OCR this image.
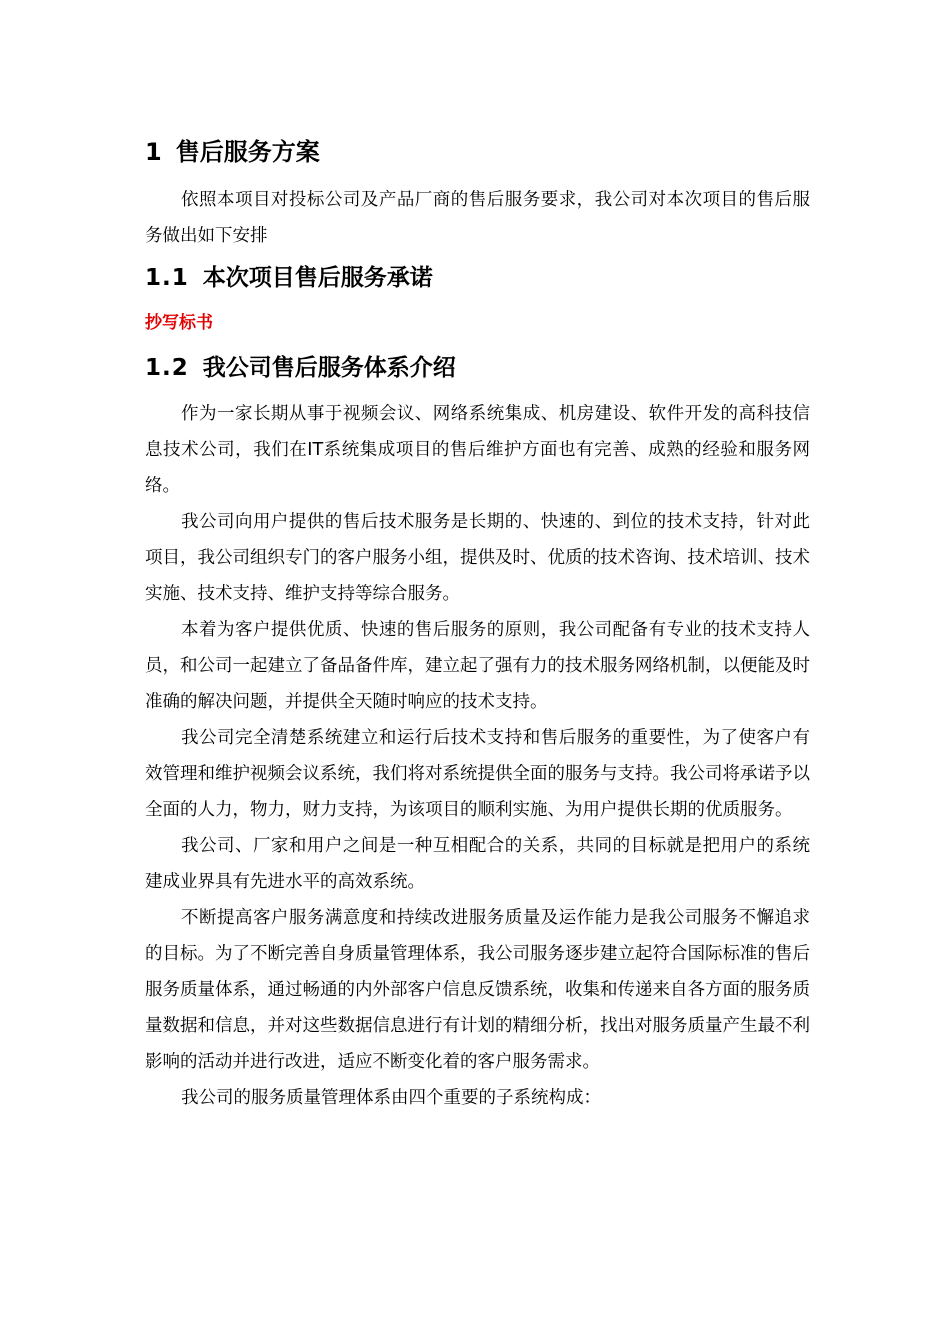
1 售后服务方案

依照本项目对投标公司及产品厂商的售后服务要求，我公司对本次项目的售后服务做出如下安排

1.1 本次项目售后服务承诺
抄写标书
1.2 我公司售后服务体系介绍

作为一家长期从事于视频会议、网络系统集成、机房建设、软件开发的高科技信息技术公司，我们在IT系统集成项目的售后维护方面也有完善、成熟的经验和服务网络。

我公司向用户提供的售后技术服务是长期的、快速的、到位的技术支持，针对此项目，我公司组织专门的客户服务小组，提供及时、优质的技术咨询、技术培训、技术实施、技术支持、维护支持等综合服务。

本着为客户提供优质、快速的售后服务的原则，我公司配备有专业的技术支持人员，和公司一起建立了备品备件库，建立起了强有力的技术服务网络机制，以便能及时准确的解决问题，并提供全天随时响应的技术支持。

我公司完全清楚系统建立和运行后技术支持和售后服务的重要性，为了使客户有效管理和维护视频会议系统，我们将对系统提供全面的服务与支持。我公司将承诺予以全面的人力，物力，财力支持，为该项目的顺利实施、为用户提供长期的优质服务。

我公司、厂家和用户之间是一种互相配合的关系，共同的目标就是把用户的系统建成业界具有先进水平的高效系统。

不断提高客户服务满意度和持续改进服务质量及运作能力是我公司服务不懈追求的目标。为了不断完善自身质量管理体系，我公司服务逐步建立起符合国际标准的售后服务质量体系，通过畅通的内外部客户信息反馈系统，收集和传递来自各方面的服务质量数据和信息，并对这些数据信息进行有计划的精细分析，找出对服务质量产生最不利影响的活动并进行改进，适应不断变化着的客户服务需求。

我公司的服务质量管理体系由四个重要的子系统构成：
